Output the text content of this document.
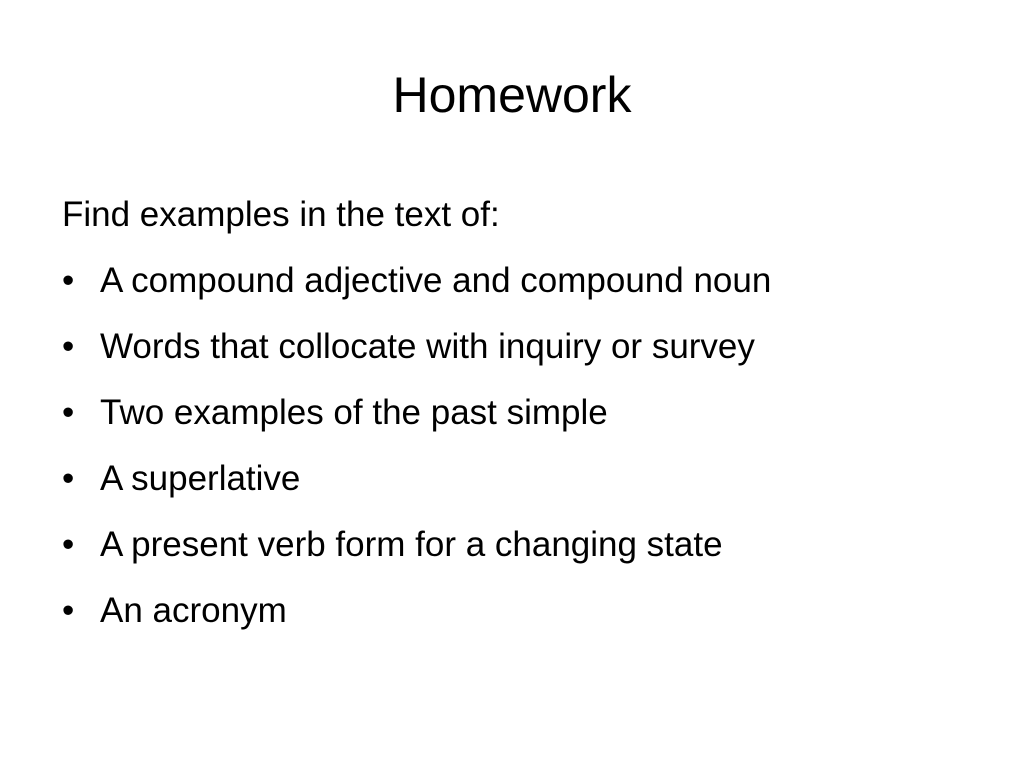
Homework

Find examples in the text of:

• A compound adjective and compound noun
• Words that collocate with inquiry or survey
• Two examples of the past simple
• A superlative
• A present verb form for a changing state
• An acronym
